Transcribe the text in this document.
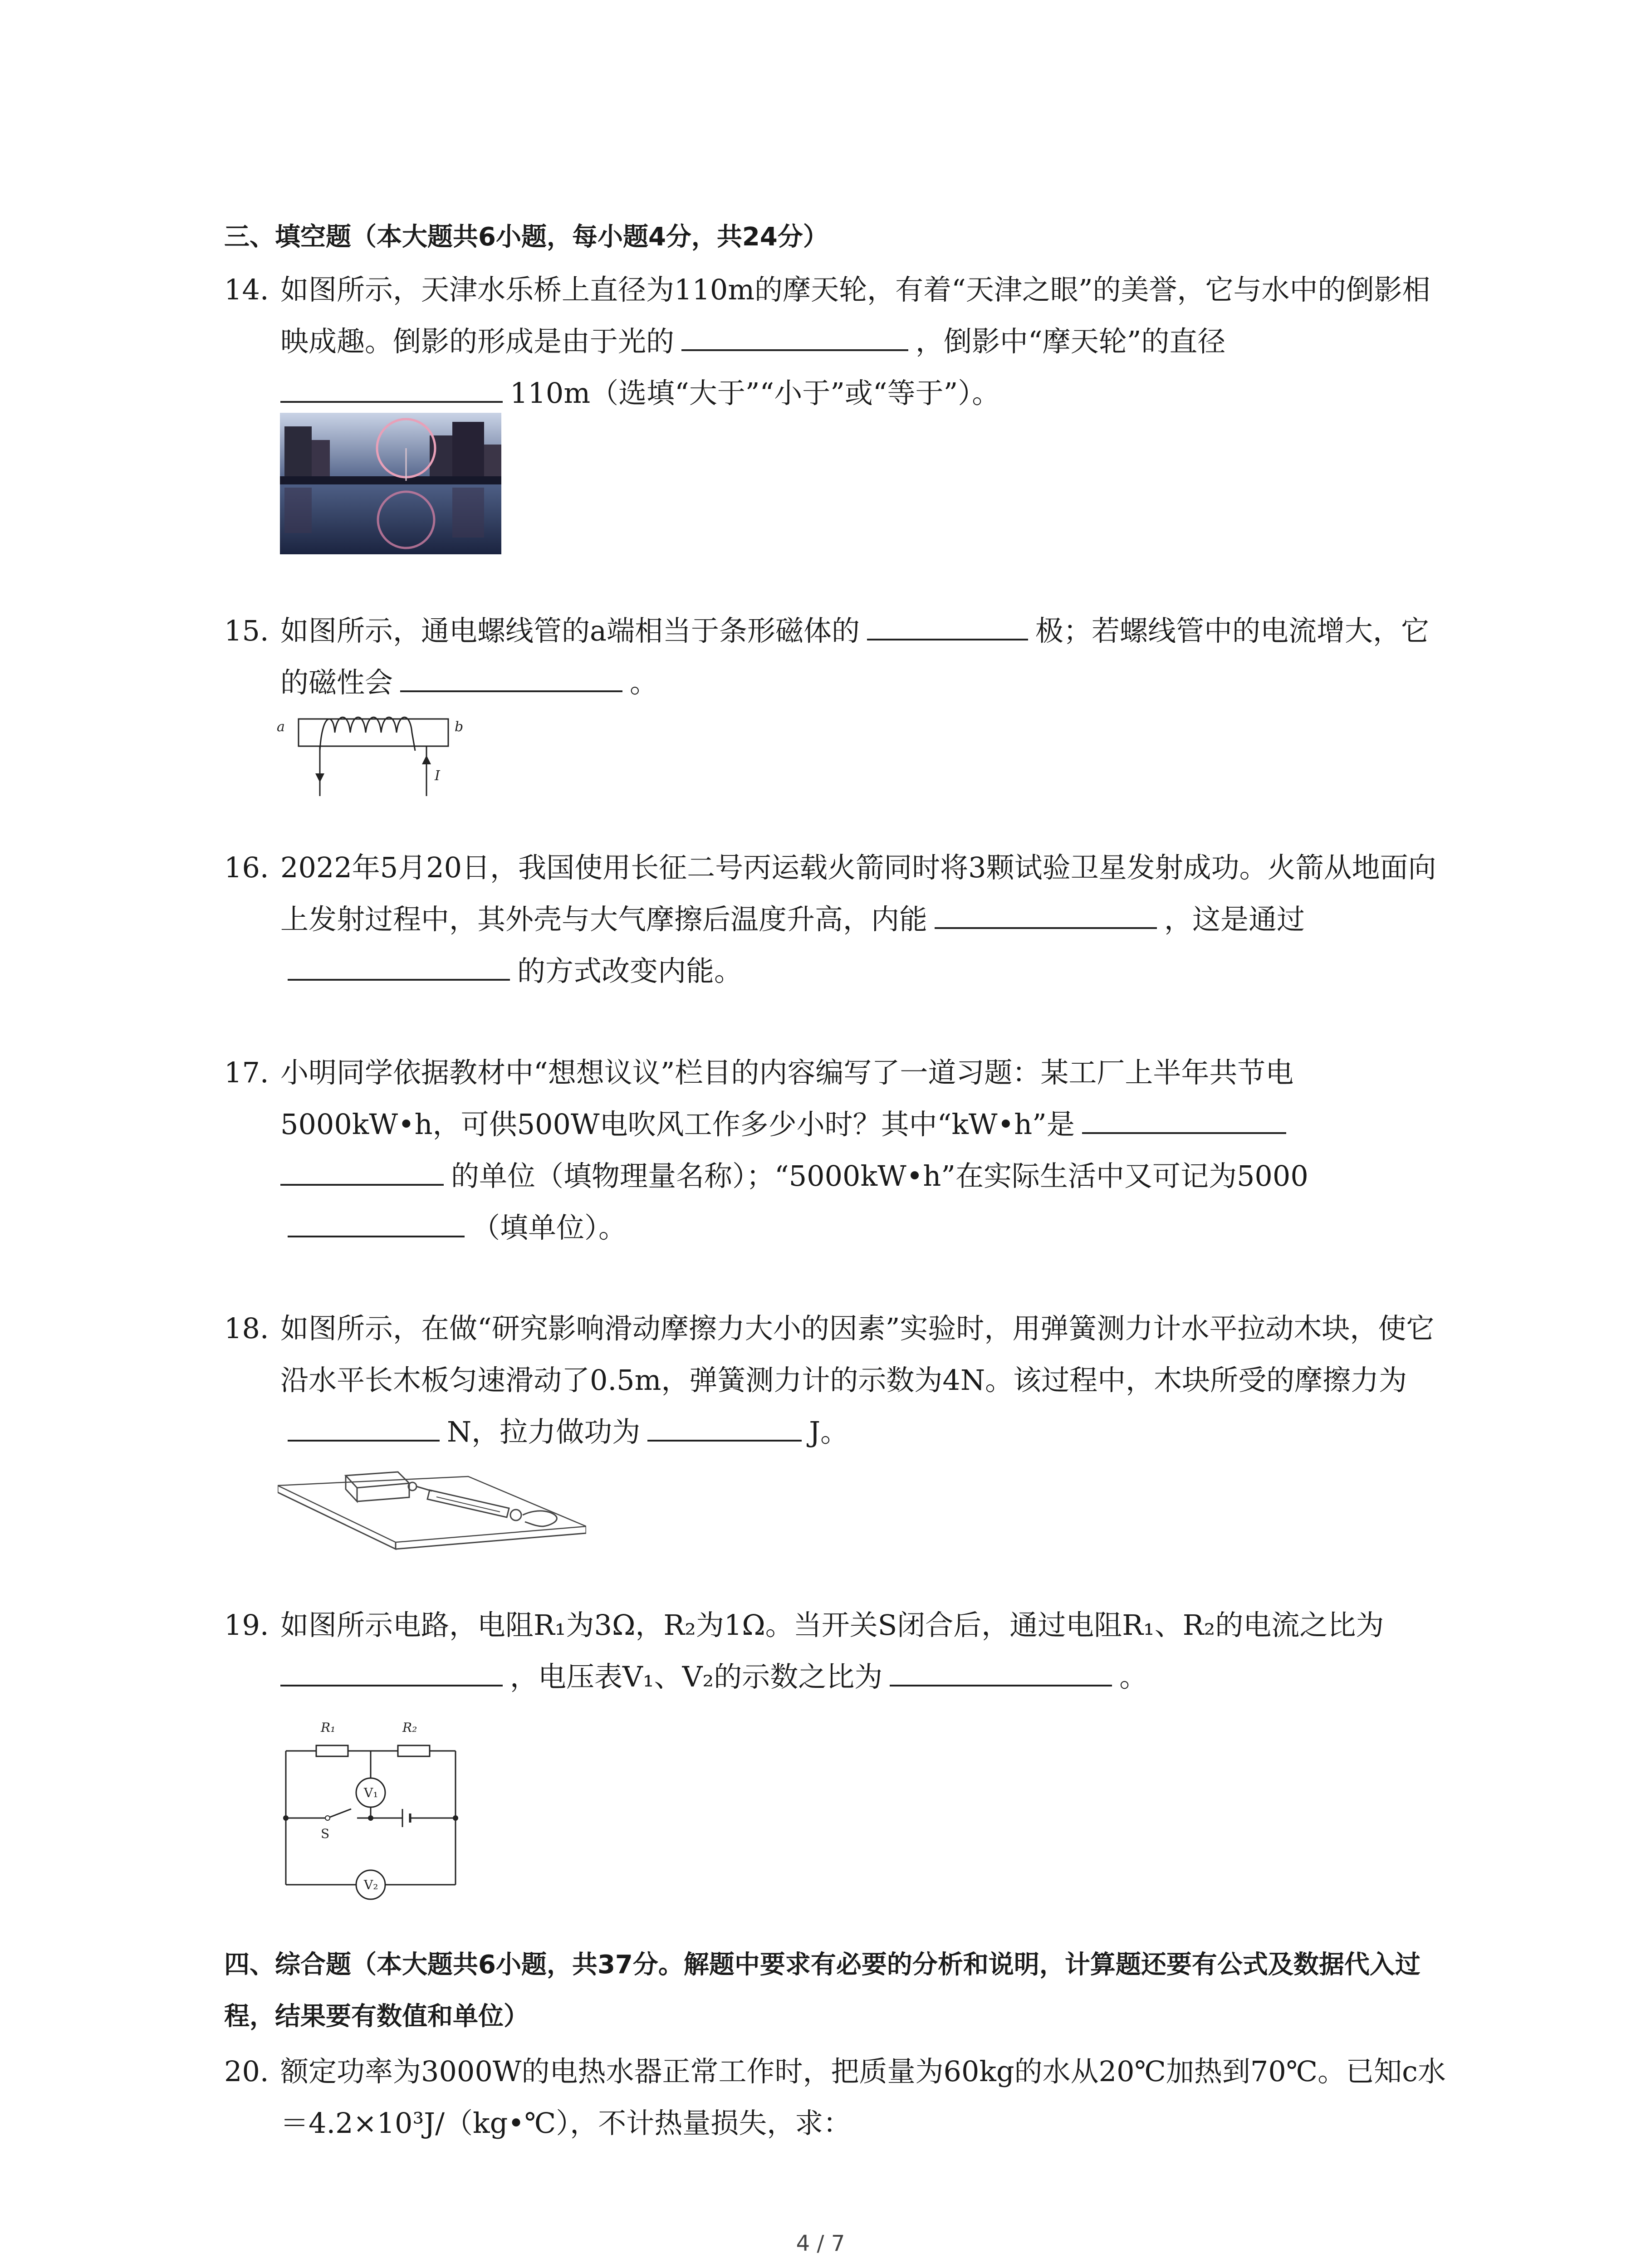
三、填空题（本大题共6小题，每小题4分，共24分）
14. 如图所示，天津水乐桥上直径为110m的摩天轮，有着“天津之眼”的美誉，它与水中的倒影相映成趣。倒影的形成是由于光的	，倒影中“摩天轮”的直径
110m（选填“大于”“小于”或“等于”）。
15. 如图所示，通电螺线管的a端相当于条形磁体的	极；若螺线管中的电流增大，它的磁性会	。
a	b
I
16. 2022年5月20日，我国使用长征二号丙运载火箭同时将3颗试验卫星发射成功。火箭从地面向上发射过程中，其外壳与大气摩擦后温度升高，内能	，这是通过的方式改变内能。
17. 小明同学依据教材中“想想议议”栏目的内容编写了一道习题：某工厂上半年共节电5000kW•h，可供500W电吹风工作多少小时？其中“kW•h”是的单位（填物理量名称）；“5000kW•h”在实际生活中又可记为5000（填单位）。
18. 如图所示，在做“研究影响滑动摩擦力大小的因素”实验时，用弹簧测力计水平拉动木块，使它沿水平长木板匀速滑动了0.5m，弹簧测力计的示数为4N。该过程中，木块所受的摩擦力为N，拉力做功为	J。
19. 如图所示电路，电阻R₁为3Ω，R₂为1Ω。当开关S闭合后，通过电阻R₁、R₂的电流之比为，电压表V₁、V₂的示数之比为	。
R₁	R₂
V₁
V₂
S
四、综合题（本大题共6小题，共37分。解题中要求有必要的分析和说明，计算题还要有公式及数据代入过程，结果要有数值和单位）
20. 额定功率为3000W的电热水器正常工作时，把质量为60kg的水从20℃加热到70℃。已知c水＝4.2×10³J/（kg•℃），不计热量损失，求：
4 / 7
